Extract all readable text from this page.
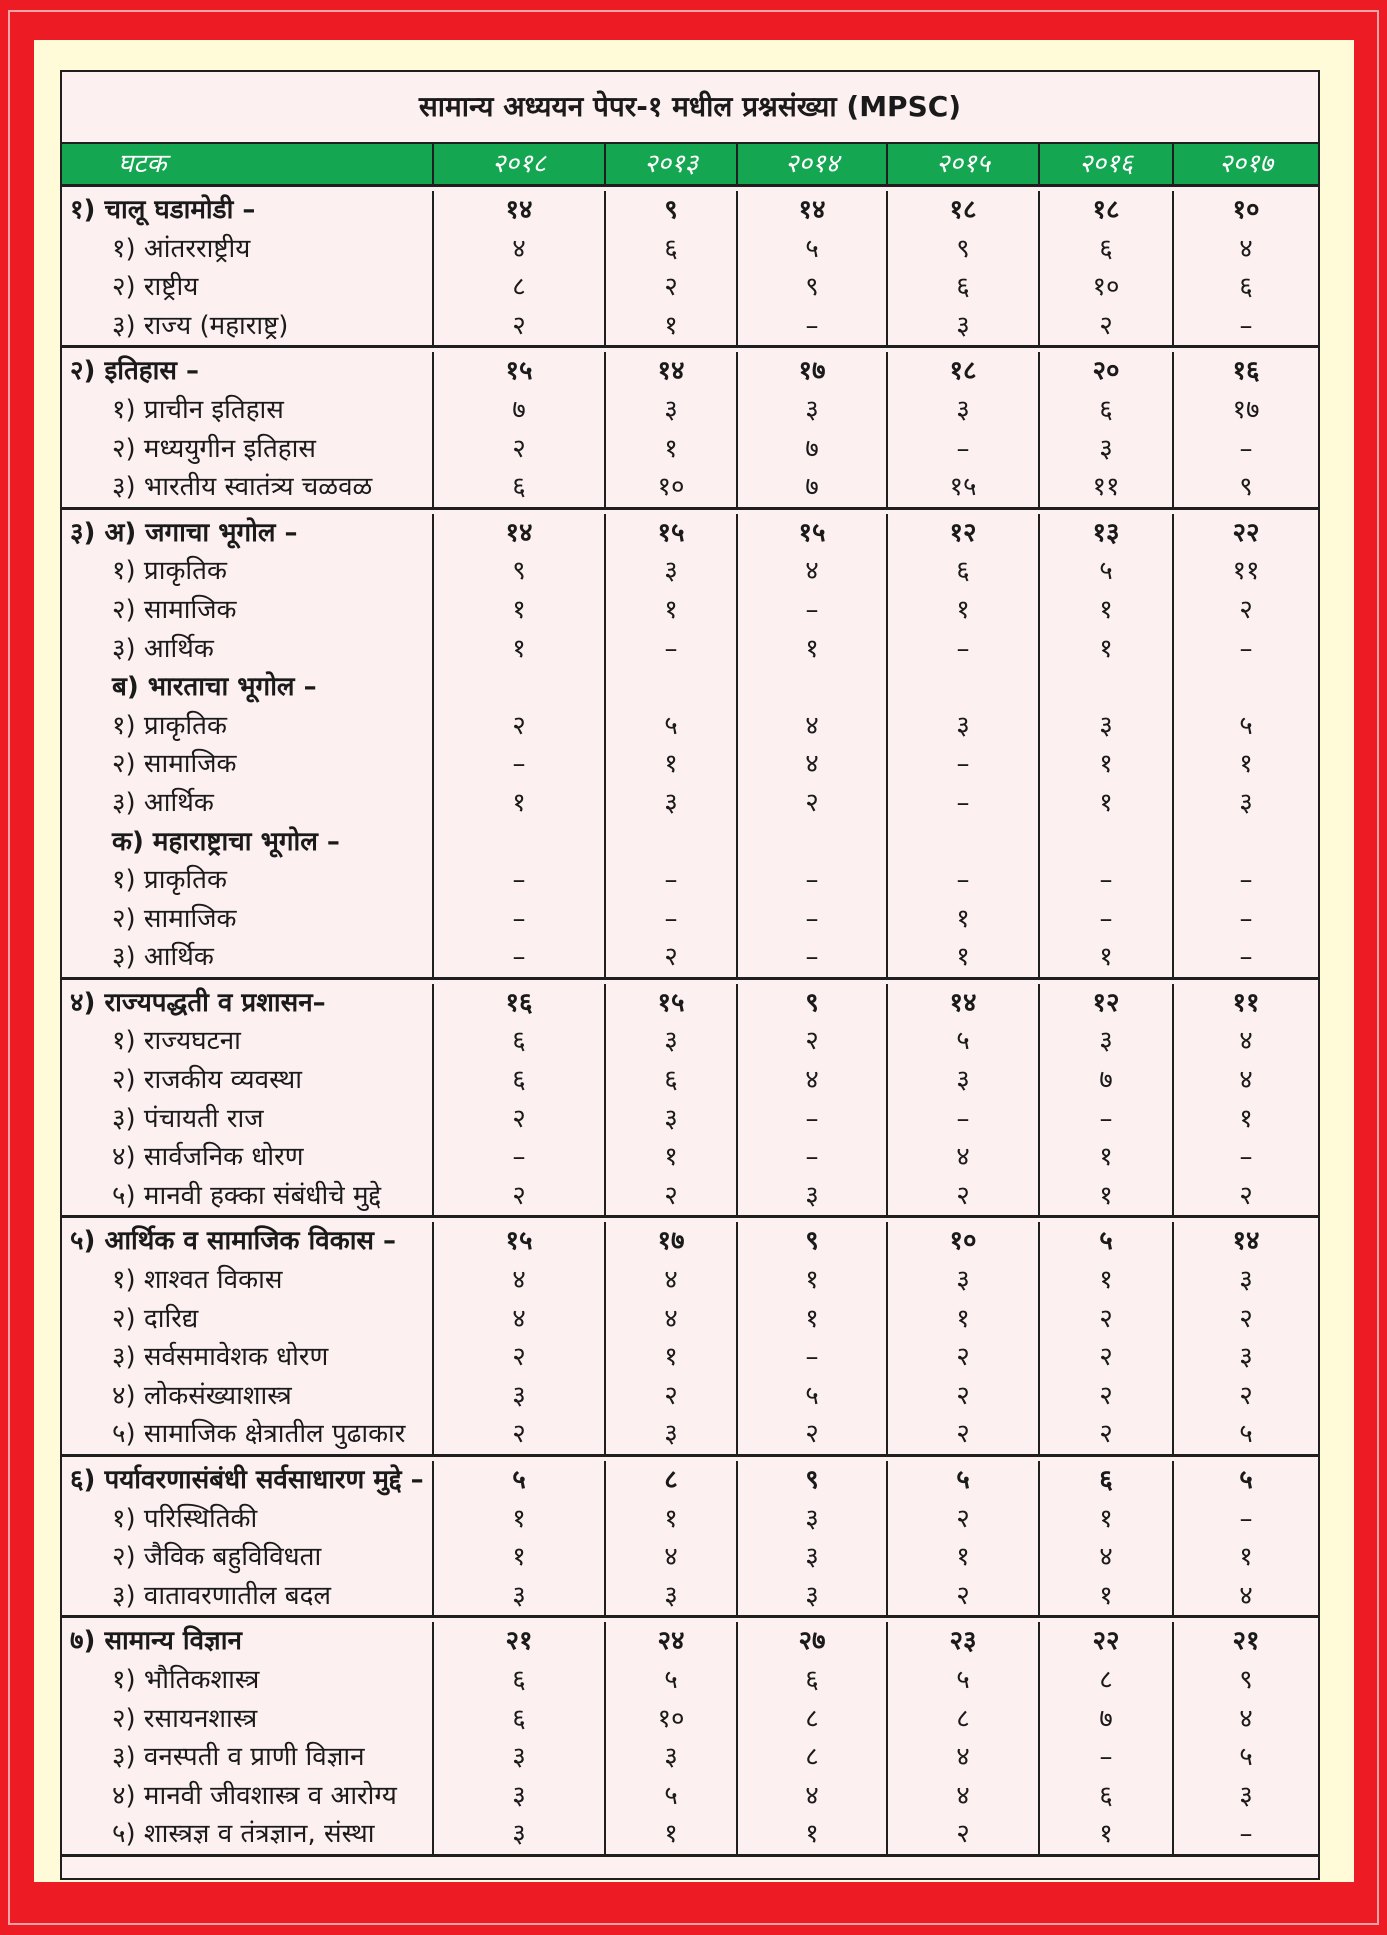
सामान्य अध्ययन पेपर-१ मधील प्रश्नसंख्या (MPSC)
घटक	२०१८	२०१३	२०१४	२०१५	२०१६	२०१७
१) चालू घडामोडी –	१४	९	१४	१८	१८	१०
१) आंतरराष्ट्रीय	४	६	५	९	६	४
२) राष्ट्रीय	८	२	९	६	१०	६
३) राज्य (महाराष्ट्र)	२	१	–	३	२	–
२) इतिहास –	१५	१४	१७	१८	२०	१६
१) प्राचीन इतिहास	७	३	३	३	६	१७
२) मध्ययुगीन इतिहास	२	१	७	–	३	–
३) भारतीय स्वातंत्र्य चळवळ	६	१०	७	१५	११	९
३) अ) जगाचा भूगोल –	१४	१५	१५	१२	१३	२२
१) प्राकृतिक	९	३	४	६	५	११
२) सामाजिक	१	१	–	१	१	२
३) आर्थिक	१	–	१	–	१	–
ब) भारताचा भूगोल –
१) प्राकृतिक	२	५	४	३	३	५
२) सामाजिक	–	१	४	–	१	१
३) आर्थिक	१	३	२	–	१	३
क) महाराष्ट्राचा भूगोल –
१) प्राकृतिक	–	–	–	–	–	–
२) सामाजिक	–	–	–	१	–	–
३) आर्थिक	–	२	–	१	१	–
४) राज्यपद्धती व प्रशासन–	१६	१५	९	१४	१२	११
१) राज्यघटना	६	३	२	५	३	४
२) राजकीय व्यवस्था	६	६	४	३	७	४
३) पंचायती राज	२	३	–	–	–	१
४) सार्वजनिक धोरण	–	१	–	४	१	–
५) मानवी हक्का संबंधीचे मुद्दे	२	२	३	२	१	२
५) आर्थिक व सामाजिक विकास –	१५	१७	९	१०	५	१४
१) शाश्वत विकास	४	४	१	३	१	३
२) दारिद्य	४	४	१	१	२	२
३) सर्वसमावेशक धोरण	२	१	–	२	२	३
४) लोकसंख्याशास्त्र	३	२	५	२	२	२
५) सामाजिक क्षेत्रातील पुढाकार	२	३	२	२	२	५
६) पर्यावरणासंबंधी सर्वसाधारण मुद्दे –	५	८	९	५	६	५
१) परिस्थितिकी	१	१	३	२	१	–
२) जैविक बहुविविधता	१	४	३	१	४	१
३) वातावरणातील बदल	३	३	३	२	१	४
७) सामान्य विज्ञान	२१	२४	२७	२३	२२	२१
१) भौतिकशास्त्र	६	५	६	५	८	९
२) रसायनशास्त्र	६	१०	८	८	७	४
३) वनस्पती व प्राणी विज्ञान	३	३	८	४	–	५
४) मानवी जीवशास्त्र व आरोग्य	३	५	४	४	६	३
५) शास्त्रज्ञ व तंत्रज्ञान, संस्था	३	१	१	२	१	–
